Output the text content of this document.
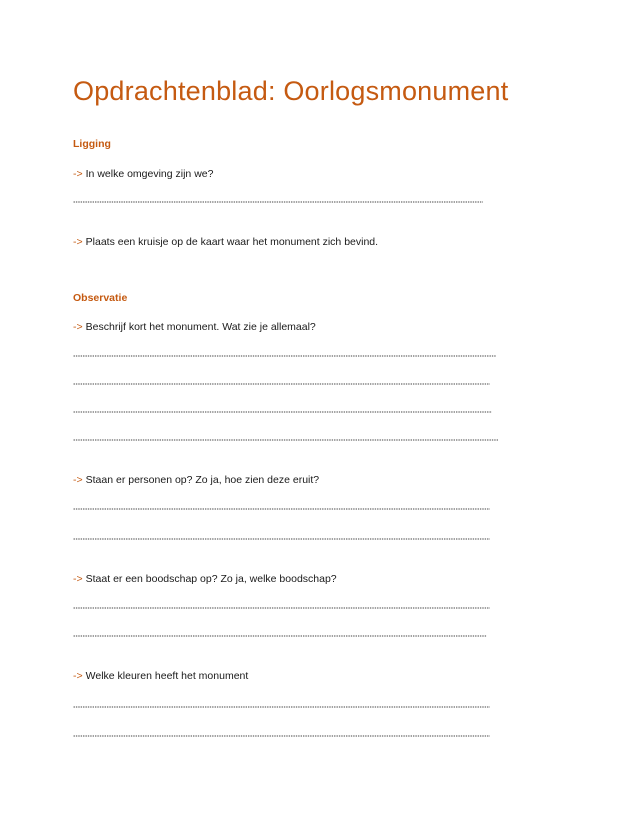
Opdrachtenblad: Oorlogsmonument
Ligging
-> In welke omgeving zijn we?
-> Plaats een kruisje op de kaart waar het monument zich bevind.
Observatie
-> Beschrijf kort het monument. Wat zie je allemaal?
-> Staan er personen op? Zo ja, hoe zien deze eruit?
-> Staat er een boodschap op? Zo ja, welke boodschap?
-> Welke kleuren heeft het monument
